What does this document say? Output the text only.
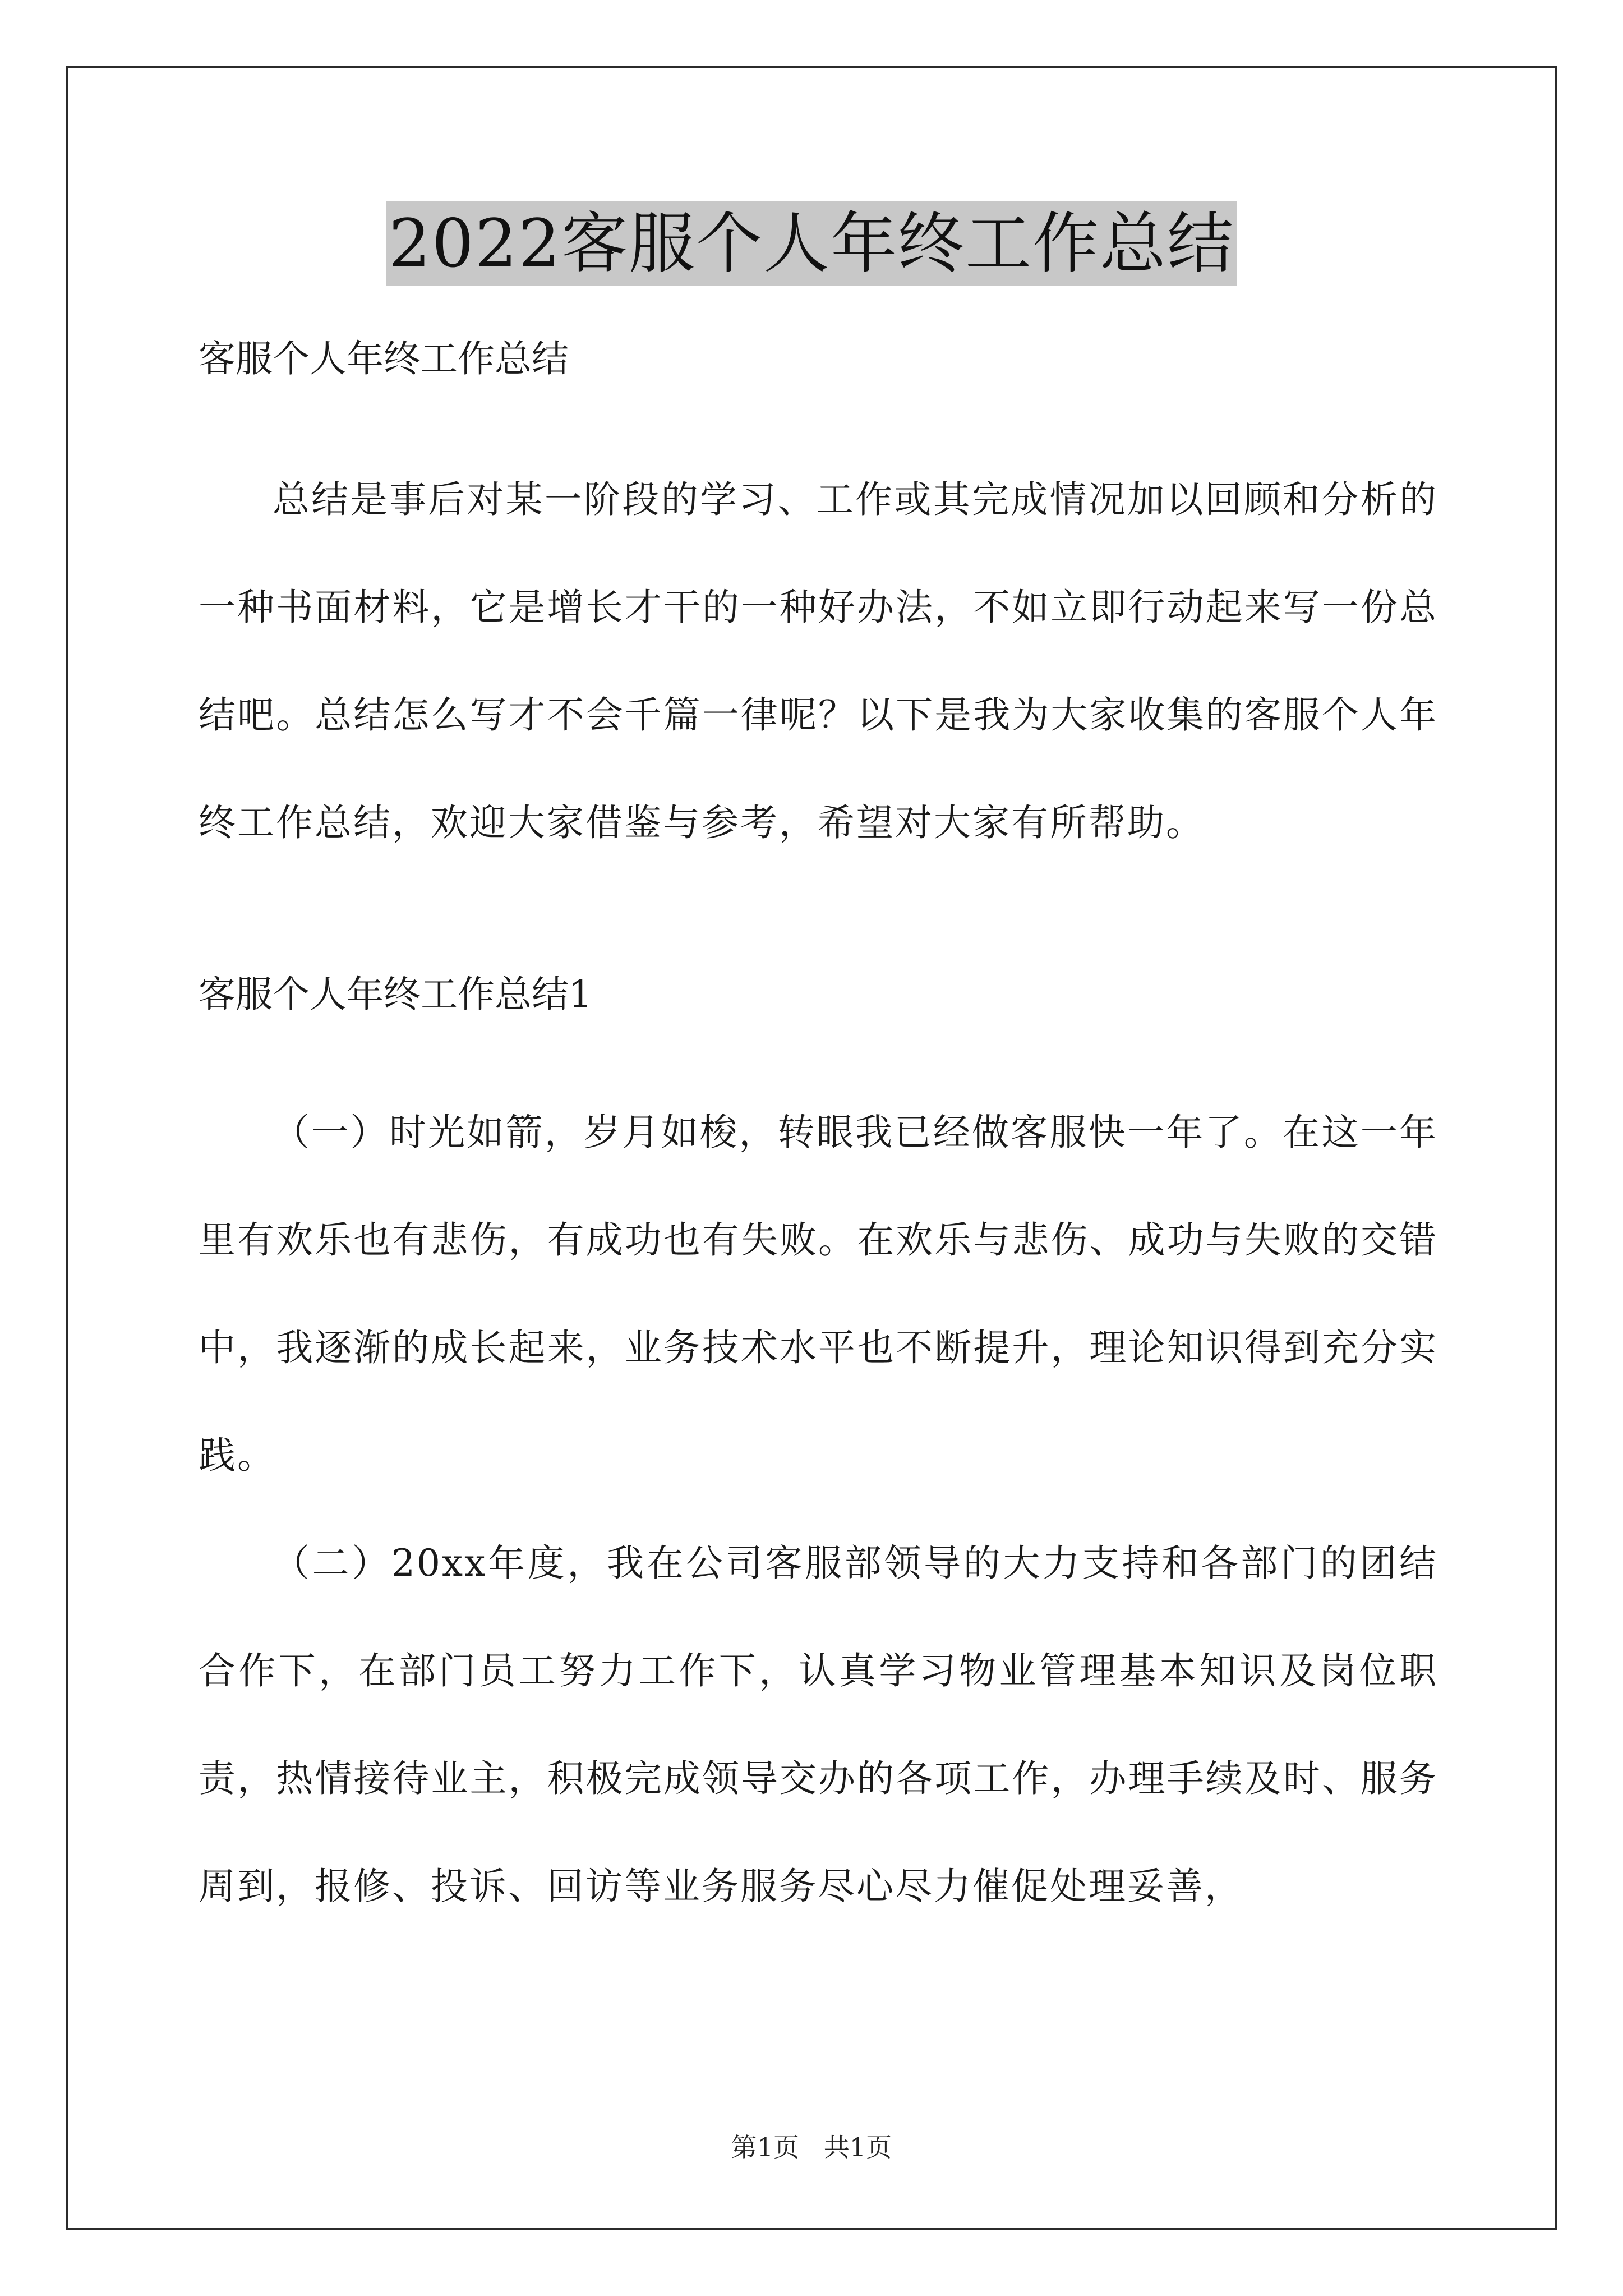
2022客服个人年终工作总结

客服个人年终工作总结

总结是事后对某一阶段的学习、工作或其完成情况加以回顾和分析的一种书面材料，它是增长才干的一种好办法，不如立即行动起来写一份总结吧。总结怎么写才不会千篇一律呢？以下是我为大家收集的客服个人年终工作总结，欢迎大家借鉴与参考，希望对大家有所帮助。

客服个人年终工作总结1

（一）时光如箭，岁月如梭，转眼我已经做客服快一年了。在这一年里有欢乐也有悲伤，有成功也有失败。在欢乐与悲伤、成功与失败的交错中，我逐渐的成长起来，业务技术水平也不断提升，理论知识得到充分实践。

（二）20xx年度，我在公司客服部领导的大力支持和各部门的团结合作下，在部门员工努力工作下，认真学习物业管理基本知识及岗位职责，热情接待业主，积极完成领导交办的各项工作，办理手续及时、服务周到，报修、投诉、回访等业务服务尽心尽力催促处理妥善，

第1页   共1页
